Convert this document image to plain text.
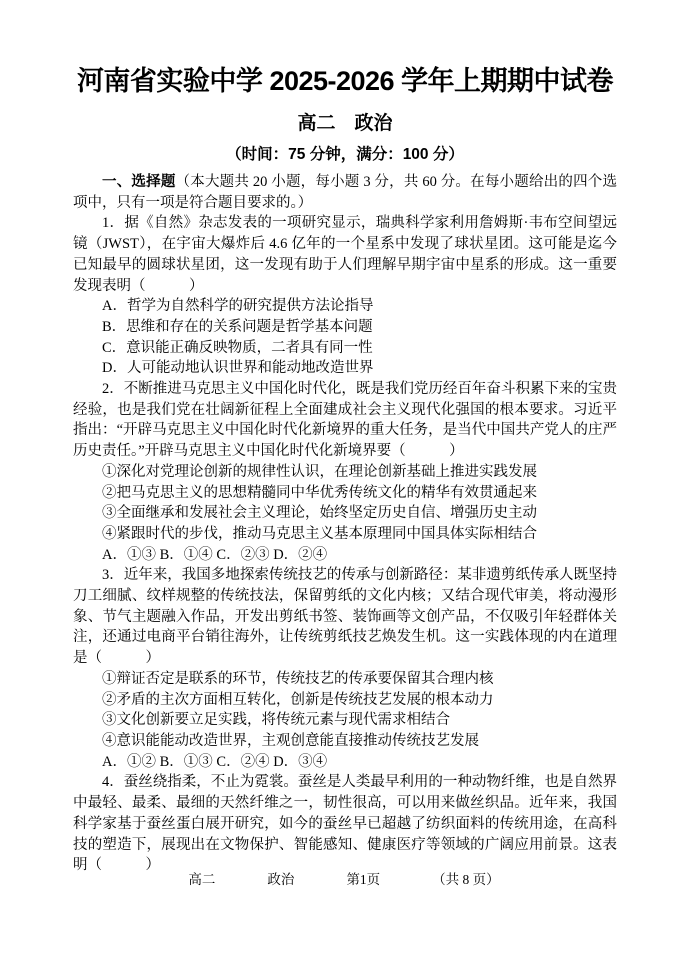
河南省实验中学 2025-2026 学年上期期中试卷
高二　政治
（时间：75 分钟，满分：100 分）

一、选择题（本大题共 20 小题，每小题 3 分，共 60 分。在每小题给出的四个选项中，只有一项是符合题目要求的。）

1．据《自然》杂志发表的一项研究显示，瑞典科学家利用詹姆斯·韦布空间望远镜（JWST），在宇宙大爆炸后 4.6 亿年的一个星系中发现了球状星团。这可能是迄今已知最早的圆球状星团，这一发现有助于人们理解早期宇宙中星系的形成。这一重要发现表明（　　　）

A．哲学为自然科学的研究提供方法论指导

B．思维和存在的关系问题是哲学基本问题

C．意识能正确反映物质，二者具有同一性

D．人可能动地认识世界和能动地改造世界

2．不断推进马克思主义中国化时代化，既是我们党历经百年奋斗积累下来的宝贵经验，也是我们党在壮阔新征程上全面建成社会主义现代化强国的根本要求。习近平指出：“开辟马克思主义中国化时代化新境界的重大任务，是当代中国共产党人的庄严历史责任。”开辟马克思主义中国化时代化新境界要（　　　）

①深化对党理论创新的规律性认识，在理论创新基础上推进实践发展

②把马克思主义的思想精髓同中华优秀传统文化的精华有效贯通起来

③全面继承和发展社会主义理论，始终坚定历史自信、增强历史主动

④紧跟时代的步伐，推动马克思主义基本原理同中国具体实际相结合

A．①③ B．①④ C．②③ D．②④

3．近年来，我国多地探索传统技艺的传承与创新路径：某非遗剪纸传承人既坚持刀工细腻、纹样规整的传统技法，保留剪纸的文化内核；又结合现代审美，将动漫形象、节气主题融入作品，开发出剪纸书签、装饰画等文创产品，不仅吸引年轻群体关注，还通过电商平台销往海外，让传统剪纸技艺焕发生机。这一实践体现的内在道理是（　　　）

①辩证否定是联系的环节，传统技艺的传承要保留其合理内核

②矛盾的主次方面相互转化，创新是传统技艺发展的根本动力

③文化创新要立足实践，将传统元素与现代需求相结合

④意识能能动改造世界，主观创意能直接推动传统技艺发展

A．①② B．①③ C．②④ D．③④

4．蚕丝绕指柔，不止为霓裳。蚕丝是人类最早利用的一种动物纤维，也是自然界中最轻、最柔、最细的天然纤维之一，韧性很高，可以用来做丝织品。近年来，我国科学家基于蚕丝蛋白展开研究，如今的蚕丝早已超越了纺织面料的传统用途，在高科技的塑造下，展现出在文物保护、智能感知、健康医疗等领域的广阔应用前景。这表明（　　　）

高二	政治	第1页	（共 8 页）
